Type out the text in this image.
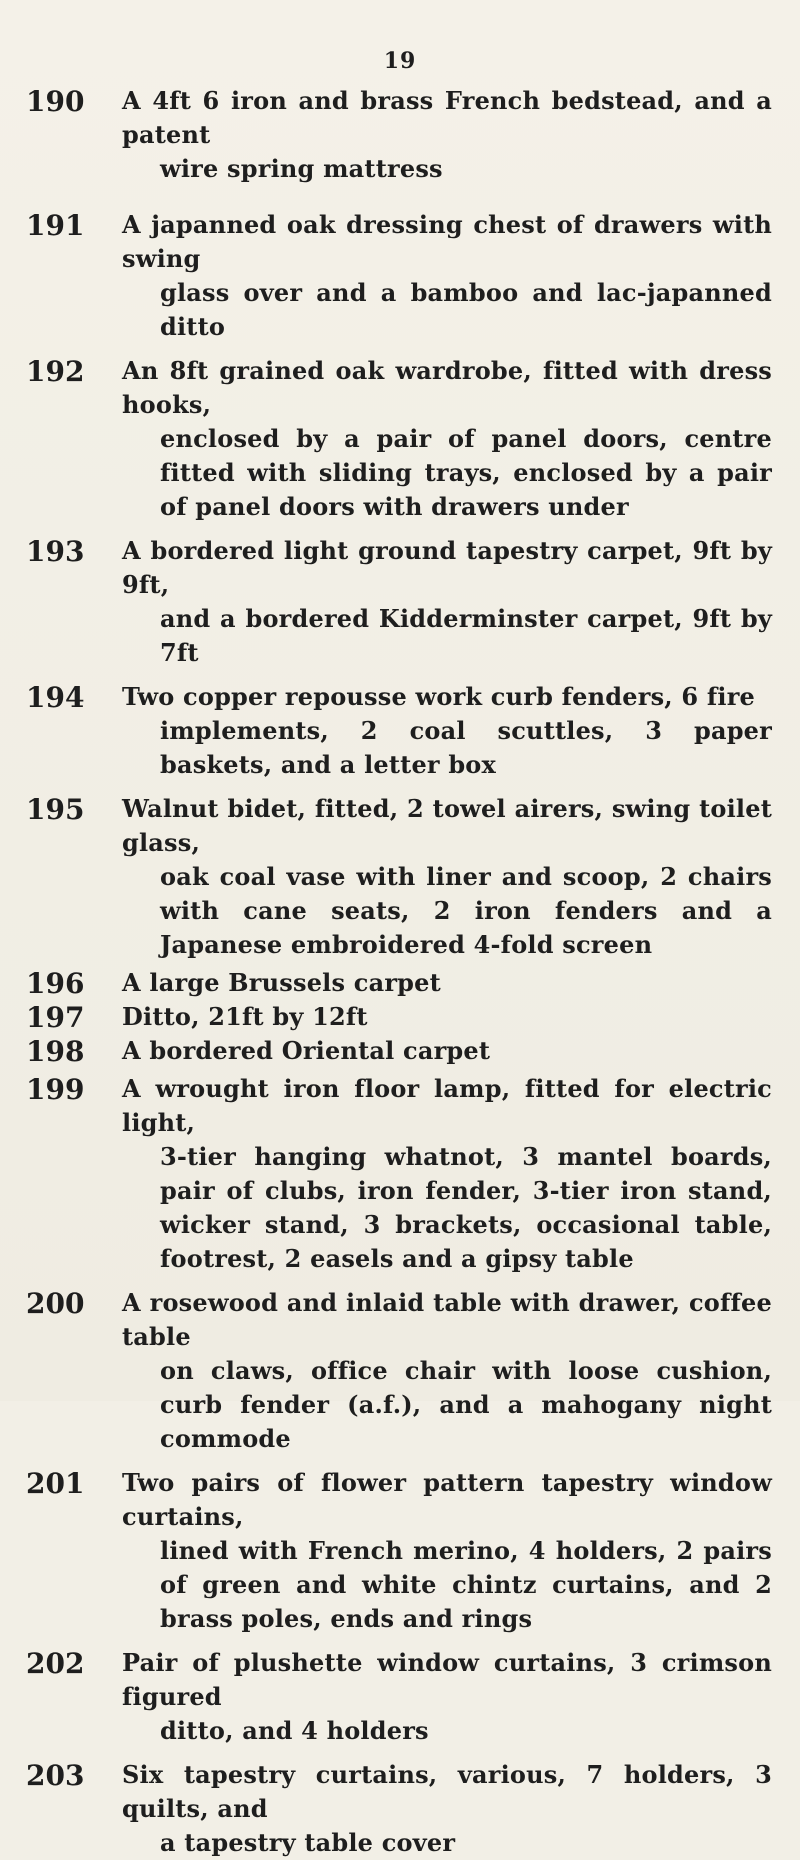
19
190	A 4ft 6 iron and brass French bedstead, and a patent
wire spring mattress
191	A japanned oak dressing chest of drawers with swing
glass over and a bamboo and lac-japanned ditto
192	An 8ft grained oak wardrobe, fitted with dress hooks,
enclosed by a pair of panel doors, centre fitted with sliding trays, enclosed by a pair of panel doors with drawers under
193	A bordered light ground tapestry carpet, 9ft by 9ft,
and a bordered Kidderminster carpet, 9ft by 7ft
194	Two copper repousse work curb fenders, 6 fire
implements, 2 coal scuttles, 3 paper baskets, and a letter box
195	Walnut bidet, fitted, 2 towel airers, swing toilet glass,
oak coal vase with liner and scoop, 2 chairs with cane seats, 2 iron fenders and a Japanese embroidered 4-fold screen
196	A large Brussels carpet
197	Ditto, 21ft by 12ft
198	A bordered Oriental carpet
199	A wrought iron floor lamp, fitted for electric light,
3-tier hanging whatnot, 3 mantel boards, pair of clubs, iron fender, 3-tier iron stand, wicker stand, 3 brackets, occasional table, footrest, 2 easels and a gipsy table
200	A rosewood and inlaid table with drawer, coffee table
on claws, office chair with loose cushion, curb fender (a.f.), and a mahogany night commode
201	Two pairs of flower pattern tapestry window curtains,
lined with French merino, 4 holders, 2 pairs of green and white chintz curtains, and 2 brass poles, ends and rings
202	Pair of plushette window curtains, 3 crimson figured
ditto, and 4 holders
203	Six tapestry curtains, various, 7 holders, 3 quilts, and
a tapestry table cover
